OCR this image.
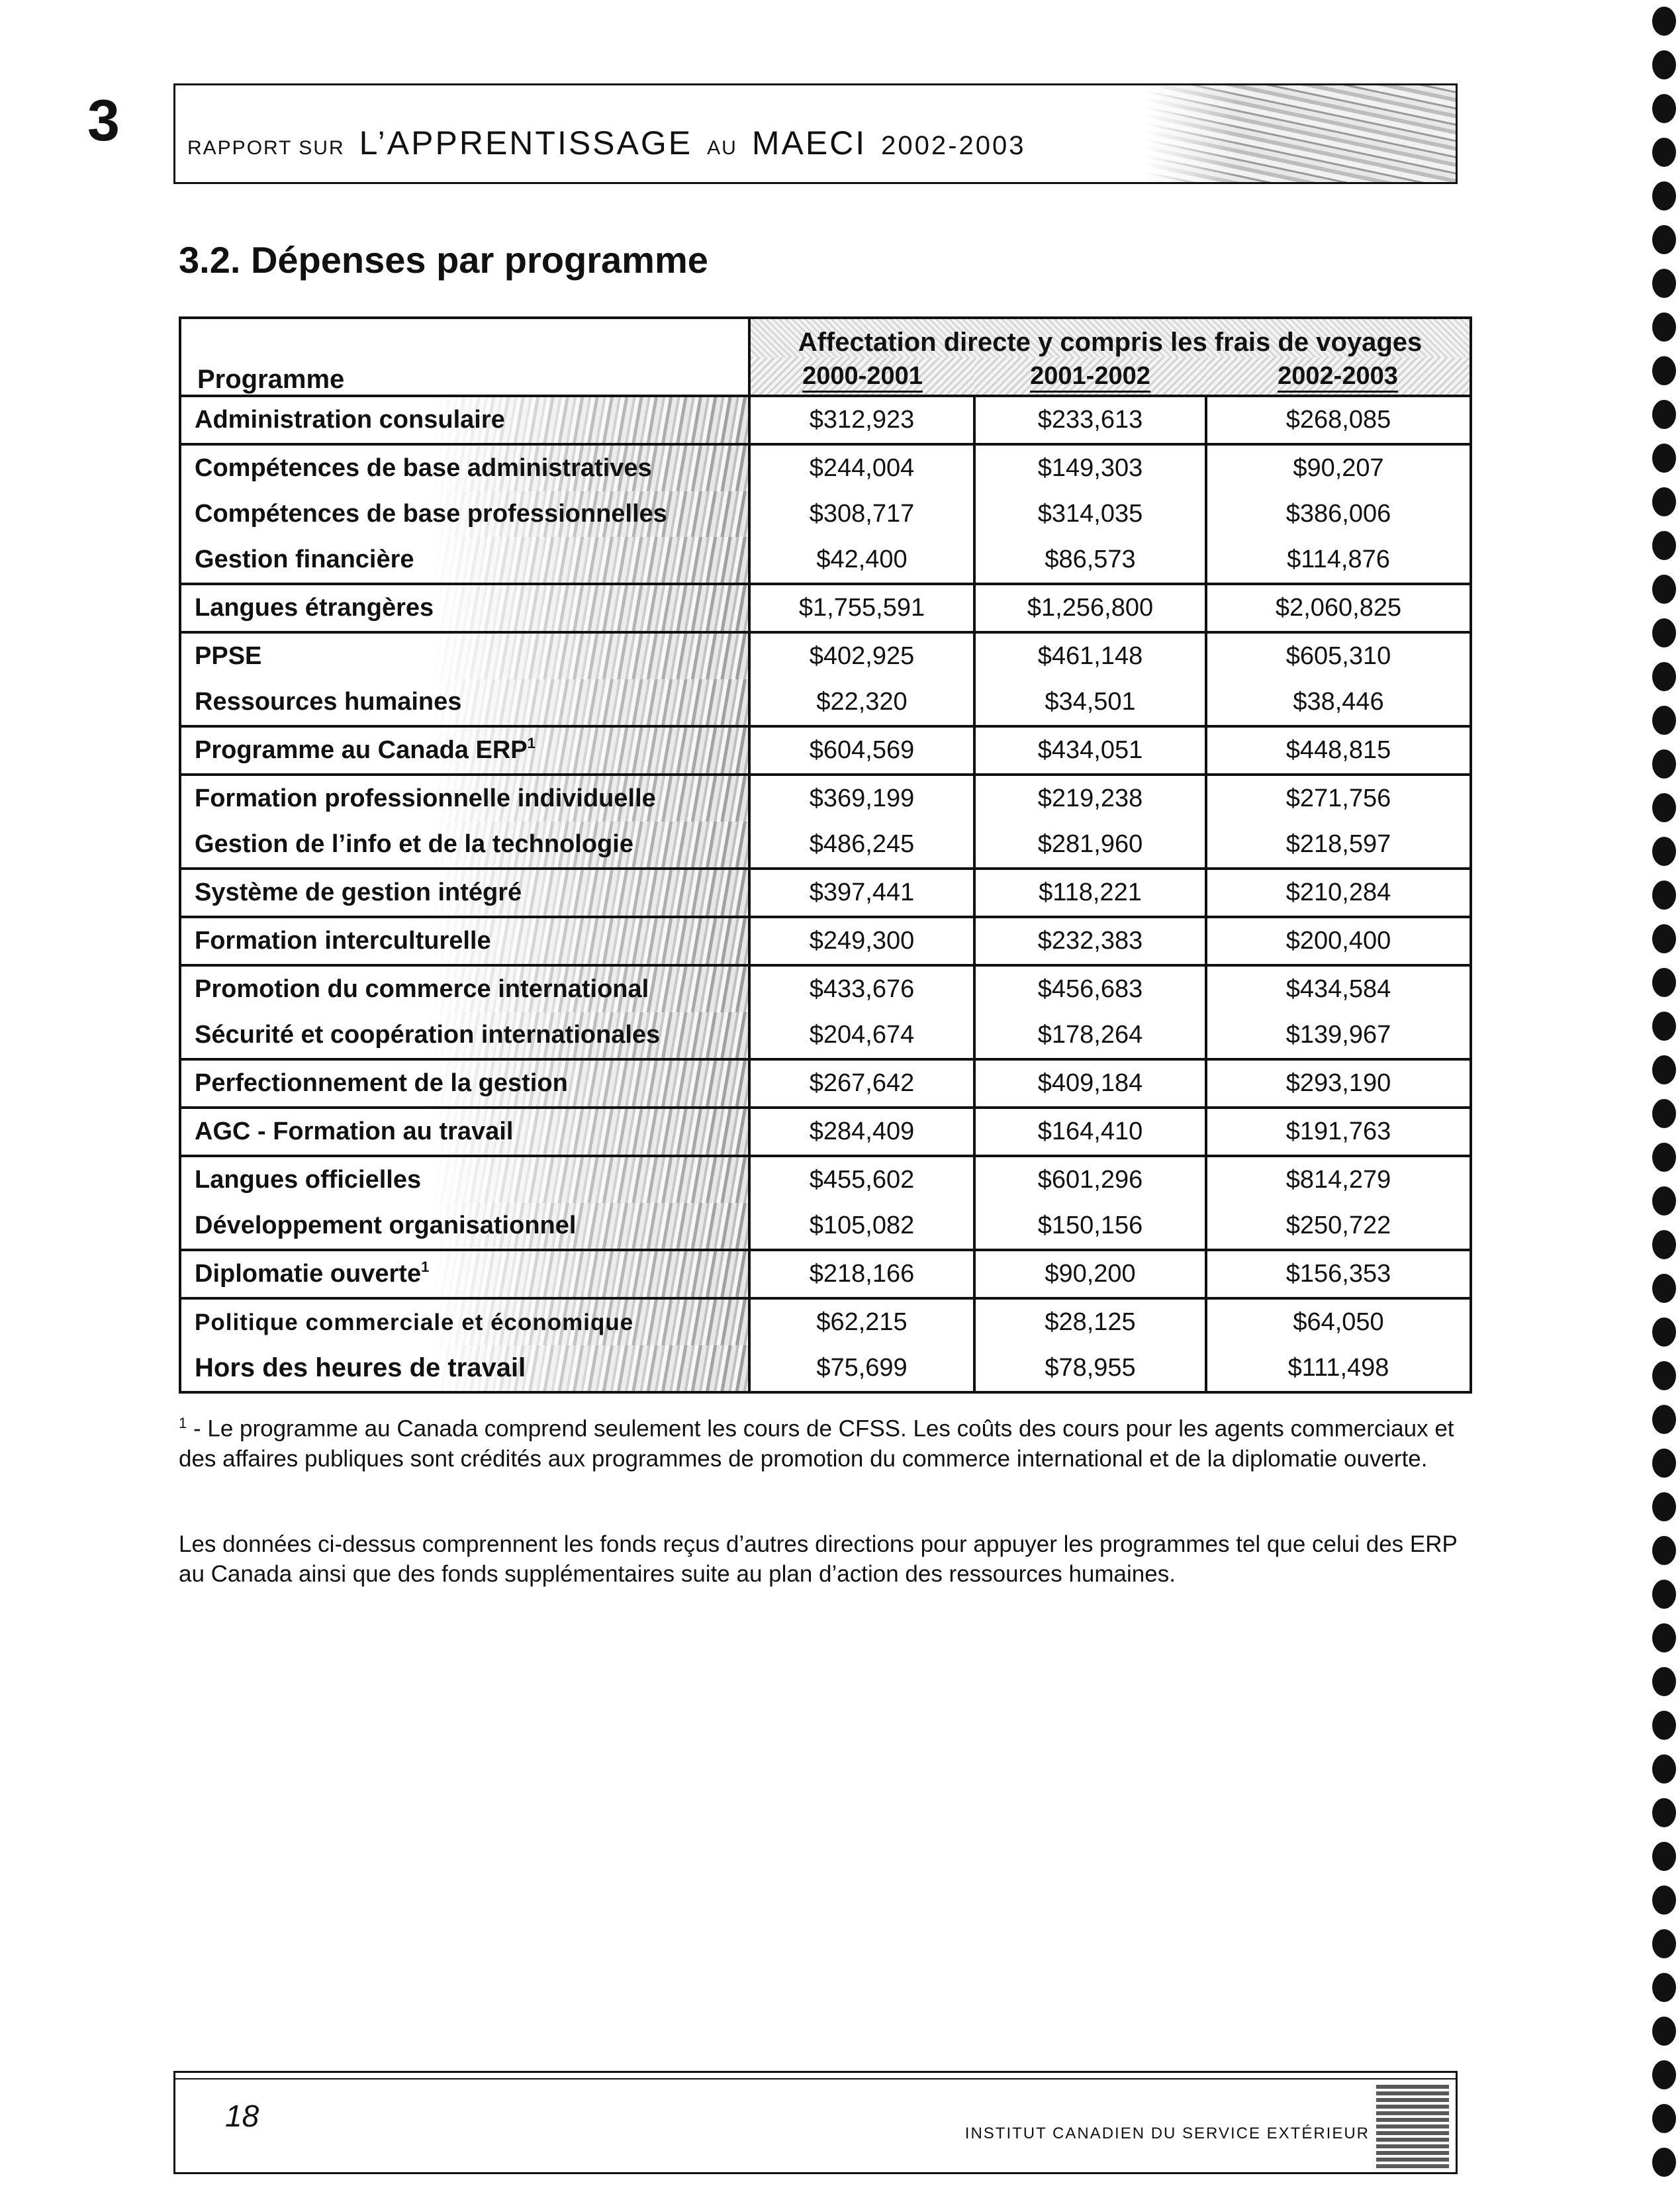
3	RAPPORT SUR L’APPRENTISSAGE AU MAECI 2002-2003
3.2. Dépenses par programme
Programme	Affectation directe y compris les frais de voyages		
	2000-2001	2001-2002	2002-2003
Administration consulaire	$312,923	$233,613	$268,085
Compétences de base administratives	$244,004	$149,303	$90,207
Compétences de base professionnelles	$308,717	$314,035	$386,006
Gestion financière	$42,400	$86,573	$114,876
Langues étrangères	$1,755,591	$1,256,800	$2,060,825
PPSE	$402,925	$461,148	$605,310
Ressources humaines	$22,320	$34,501	$38,446
Programme au Canada ERP$^1$	$604,569	$434,051	$448,815
Formation professionnelle individuelle	$369,199	$219,238	$271,756
Gestion de l’info et de la technologie	$486,245	$281,960	$218,597
Système de gestion intégré	$397,441	$118,221	$210,284
Formation interculturelle	$249,300	$232,383	$200,400
Promotion du commerce international	$433,676	$456,683	$434,584
Sécurité et coopération internationales	$204,674	$178,264	$139,967
Perfectionnement de la gestion	$267,642	$409,184	$293,190
AGC - Formation au travail	$284,409	$164,410	$191,763
Langues officielles	$455,602	$601,296	$814,279
Développement organisationnel	$105,082	$150,156	$250,722
Diplomatie ouverte$^1$	$218,166	$90,200	$156,353
Politique commerciale et économique	$62,215	$28,125	$64,050
Hors des heures de travail	$75,699	$78,955	$111,498
$^1$ - Le programme au Canada comprend seulement les cours de CFSS. Les coûts des cours pour les agents commerciaux et des affaires publiques sont crédités aux programmes de promotion du commerce international et de la diplomatie ouverte.
Les données ci-dessus comprennent les fonds reçus d’autres directions pour appuyer les programmes tel que celui des ERP au Canada ainsi que des fonds supplémentaires suite au plan d’action des ressources humaines.
18
INSTITUT CANADIEN DU SERVICE EXTÉRIEUR
